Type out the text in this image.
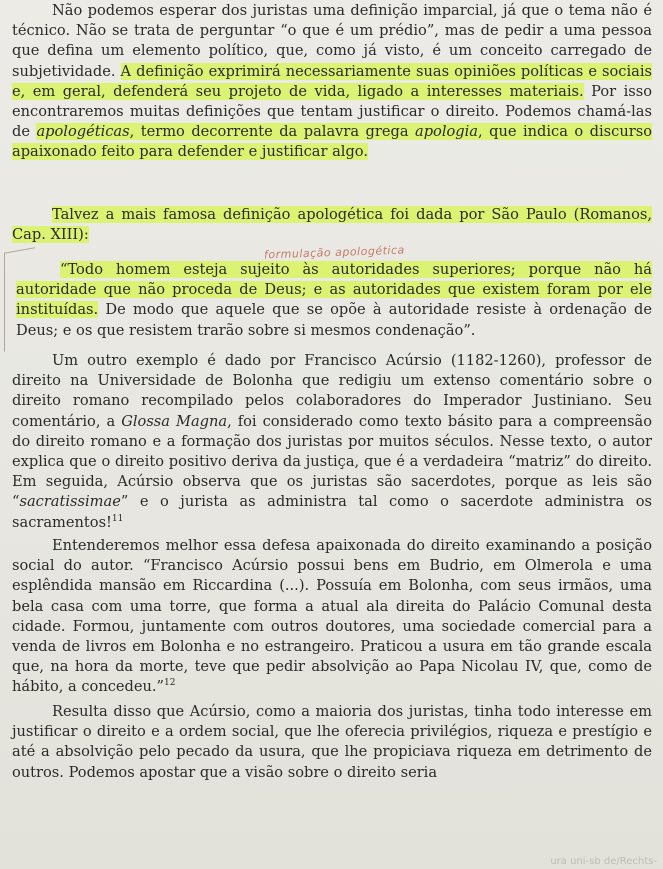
Não podemos esperar dos juristas uma definição imparcial, já que o tema não é técnico. Não se trata de perguntar “o que é um prédio”, mas de pedir a uma pessoa que defina um elemento político, que, como já visto, é um conceito carregado de subjetividade. A definição exprimirá necessariamente suas opiniões políticas e sociais e, em geral, defenderá seu projeto de vida, ligado a interesses materiais. Por isso encontraremos muitas definições que tentam justificar o direito. Podemos chamá-las de apologéticas, termo decorrente da palavra grega apologia, que indica o discurso apaixonado feito para defender e justificar algo.

Talvez a mais famosa definição apologética foi dada por São Paulo (Romanos, Cap. XIII):

formulação apologética

“Todo homem esteja sujeito às autoridades superiores; porque não há autoridade que não proceda de Deus; e as autoridades que existem foram por ele instituídas. De modo que aquele que se opõe à autoridade resiste à ordenação de Deus; e os que resistem trarão sobre si mesmos condenação”.

Um outro exemplo é dado por Francisco Acúrsio (1182-1260), professor de direito na Universidade de Bolonha que redigiu um extenso comentário sobre o direito romano recompilado pelos colaboradores do Imperador Justiniano. Seu comentário, a Glossa Magna, foi considerado como texto básito para a compreensão do direito romano e a formação dos juristas por muitos séculos. Nesse texto, o autor explica que o direito positivo deriva da justiça, que é a verdadeira “matriz” do direito. Em seguida, Acúrsio observa que os juristas são sacerdotes, porque as leis são “sacratissimae” e o jurista as administra tal como o sacerdote administra os sacramentos!$^{11}$

Entenderemos melhor essa defesa apaixonada do direito examinando a posição social do autor. “Francisco Acúrsio possui bens em Budrio, em Olmerola e uma esplêndida mansão em Riccardina (...). Possuía em Bolonha, com seus irmãos, uma bela casa com uma torre, que forma a atual ala direita do Palácio Comunal desta cidade. Formou, juntamente com outros doutores, uma sociedade comercial para a venda de livros em Bolonha e no estrangeiro. Praticou a usura em tão grande escala que, na hora da morte, teve que pedir absolvição ao Papa Nicolau IV, que, como de hábito, a concedeu.”$^{12}$

Resulta disso que Acúrsio, como a maioria dos juristas, tinha todo interesse em justificar o direito e a ordem social, que lhe oferecia privilégios, riqueza e prestígio e até a absolvição pelo pecado da usura, que lhe propiciava riqueza em detrimento de outros. Podemos apostar que a visão sobre o direito seria

ura uni-sb de/Rechts-
